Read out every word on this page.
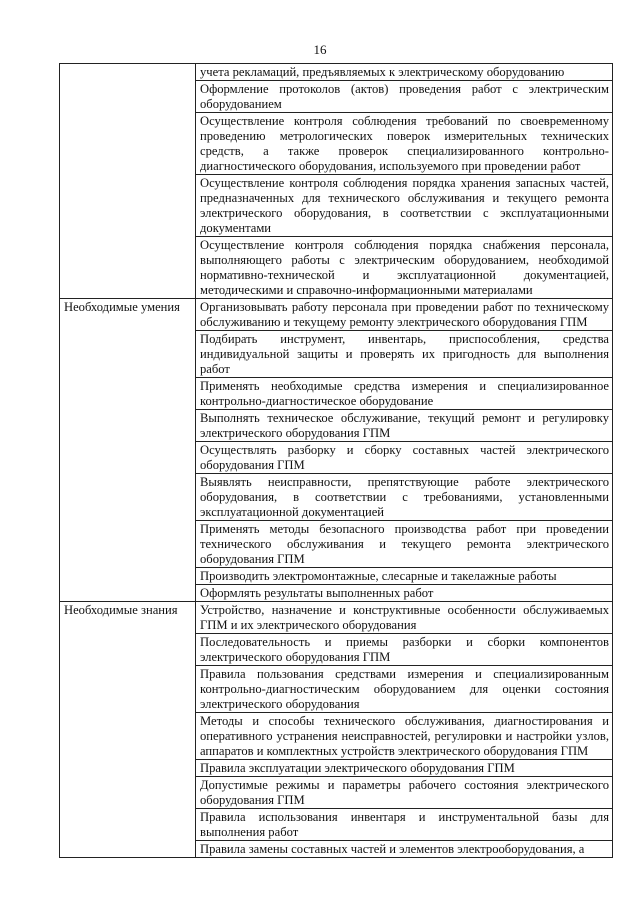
16
	учета рекламаций, предъявляемых к электрическому оборудованию
	Оформление протоколов (актов) проведения работ с электрическим оборудованием
	Осуществление контроля соблюдения требований по своевременному проведению метрологических поверок измерительных технических средств, а также проверок специализированного контрольно-диагностического оборудования, используемого при проведении работ
	Осуществление контроля соблюдения порядка хранения запасных частей, предназначенных для технического обслуживания и текущего ремонта электрического оборудования, в соответствии с эксплуатационными документами
	Осуществление контроля соблюдения порядка снабжения персонала, выполняющего работы с электрическим оборудованием, необходимой нормативно-технической и эксплуатационной документацией, методическими и справочно-информационными материалами
Необходимые умения	Организовывать работу персонала при проведении работ по техническому обслуживанию и текущему ремонту электрического оборудования ГПМ
	Подбирать инструмент, инвентарь, приспособления, средства индивидуальной защиты и проверять их пригодность для выполнения работ
	Применять необходимые средства измерения и специализированное контрольно-диагностическое оборудование
	Выполнять техническое обслуживание, текущий ремонт и регулировку электрического оборудования ГПМ
	Осуществлять разборку и сборку составных частей электрического оборудования ГПМ
	Выявлять неисправности, препятствующие работе электрического оборудования, в соответствии с требованиями, установленными эксплуатационной документацией
	Применять методы безопасного производства работ при проведении технического обслуживания и текущего ремонта электрического оборудования ГПМ
	Производить электромонтажные, слесарные и такелажные работы
	Оформлять результаты выполненных работ
Необходимые знания	Устройство, назначение и конструктивные особенности обслуживаемых ГПМ и их электрического оборудования
	Последовательность и приемы разборки и сборки компонентов электрического оборудования ГПМ
	Правила пользования средствами измерения и специализированным контрольно-диагностическим оборудованием для оценки состояния электрического оборудования
	Методы и способы технического обслуживания, диагностирования и оперативного устранения неисправностей, регулировки и настройки узлов, аппаратов и комплектных устройств электрического оборудования ГПМ
	Правила эксплуатации электрического оборудования ГПМ
	Допустимые режимы и параметры рабочего состояния электрического оборудования ГПМ
	Правила использования инвентаря и инструментальной базы для выполнения работ
	Правила замены составных частей и элементов электрооборудования, а
